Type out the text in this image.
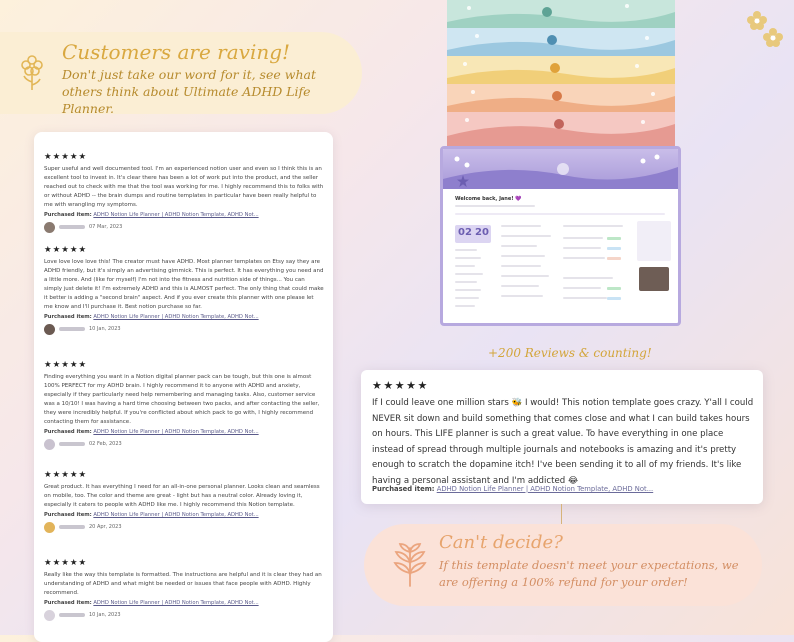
Customers are raving!
Don't just take our word for it, see what others think about Ultimate ADHD Life Planner.
★★★★★
Super useful and well documented tool. I'm an experienced notion user and even so I think this is an excellent tool to invest in. It's clear there has been a lot of work put into the product, and the seller reached out to check with me that the tool was working for me. I highly recommend this to folks with or without ADHD -- the brain dumps and routine templates in particular have been really helpful to me with wrangling my symptoms.
Purchased item: ADHD Notion Life Planner | ADHD Notion Template, ADHD Not...
07 Mar, 2023
★★★★★
Love love love love this! The creator must have ADHD. Most planner templates on Etsy say they are ADHD friendly, but it's simply an advertising gimmick. This is perfect. It has everything you need and a little more. And (like for myself) I'm not into the fitness and nutrition side of things... You can simply just delete it! I'm extremely ADHD and this is ALMOST perfect. The only thing that could make it better is adding a "second brain" aspect. And if you ever create this planner with one please let me know and I'll purchase it. Best notion purchase so far.
Purchased item: ADHD Notion Life Planner | ADHD Notion Template, ADHD Not...
10 Jan, 2023
★★★★★
Finding everything you want in a Notion digital planner pack can be tough, but this one is almost 100% PERFECT for my ADHD brain. I highly recommend it to anyone with ADHD and anxiety, especially if they particularly need help remembering and managing tasks. Also, customer service was a 10/10! I was having a hard time choosing between two packs, and after contacting the seller, they were incredibly helpful. If you're conflicted about which pack to go with, I highly recommend contacting them for assistance.
Purchased item: ADHD Notion Life Planner | ADHD Notion Template, ADHD Not...
02 Feb, 2023
★★★★★
Great product. It has everything I need for an all-in-one personal planner. Looks clean and seamless on mobile, too. The color and theme are great - light but has a neutral color. Already loving it, especially it caters to people with ADHD like me. I highly recommend this Notion template.
Purchased item: ADHD Notion Life Planner | ADHD Notion Template, ADHD Not...
20 Apr, 2023
★★★★★
Really like the way this template is formatted. The instructions are helpful and it is clear they had an understanding of ADHD and what might be needed or issues that face people with ADHD. Highly recommend.
Purchased item: ADHD Notion Life Planner | ADHD Notion Template, ADHD Not...
10 Jan, 2023
Welcome back, Jane! 💜
02 20
+200 Reviews & counting!
★★★★★
If I could leave one million stars 🐝 I would! This notion template goes crazy. Y'all I could NEVER sit down and build something that comes close and what I can build takes hours on hours. This LIFE planner is such a great value. To have everything in one place instead of spread through multiple journals and notebooks is amazing and it's pretty enough to scratch the dopamine itch! I've been sending it to all of my friends. It's like having a personal assistant and I'm addicted 😂
Purchased item: ADHD Notion Life Planner | ADHD Notion Template, ADHD Not...
Can't decide?
If this template doesn't meet your expectations, we are offering a 100% refund for your order!
